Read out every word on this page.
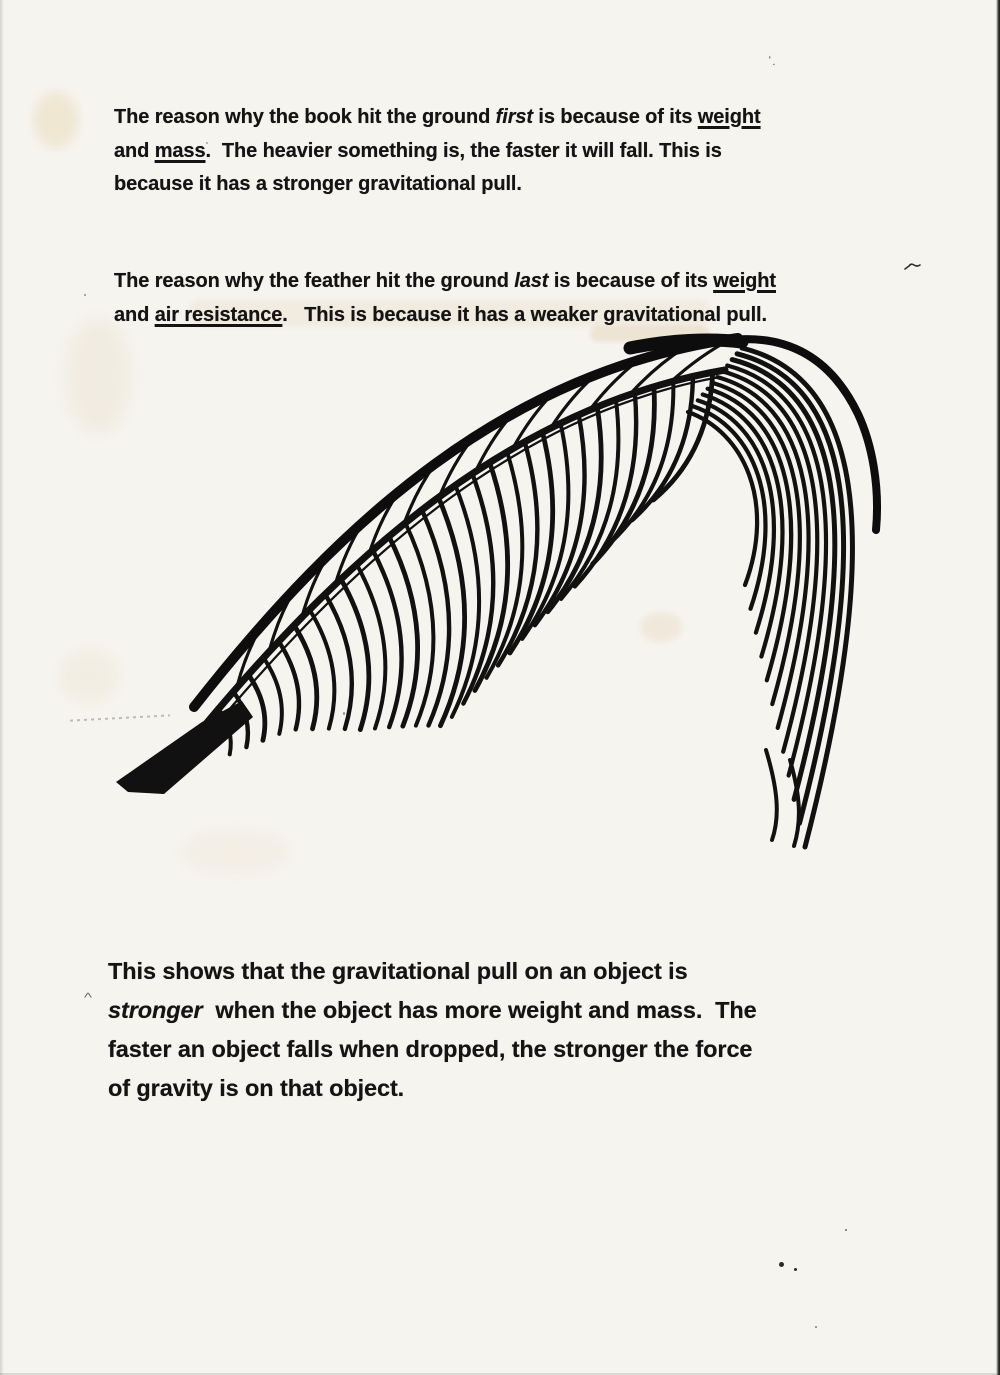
The reason why the book hit the ground first is because of its weight
and mass.  The heavier something is, the faster it will fall. This is
because it has a stronger gravitational pull.
The reason why the feather hit the ground last is because of its weight
and air resistance.   This is because it has a weaker gravitational pull.
This shows that the gravitational pull on an object is
stronger  when the object has more weight and mass.  The
faster an object falls when dropped, the stronger the force
of gravity is on that object.
^
ʻ.
